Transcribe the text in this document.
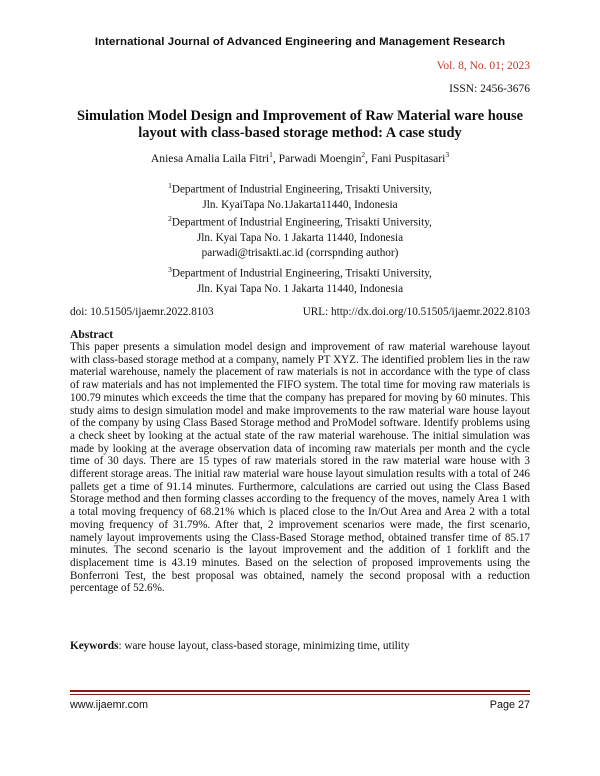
International Journal of Advanced Engineering and Management Research
Vol. 8, No. 01; 2023
ISSN: 2456-3676
Simulation Model Design and Improvement of Raw Material ware house
layout with class-based storage method: A case study
Aniesa Amalia Laila Fitri$^1$, Parwadi Moengin$^2$, Fani Puspitasari$^3$
$^1$Department of Industrial Engineering, Trisakti University,
Jln. KyaiTapa No.1Jakarta11440, Indonesia
$^2$Department of Industrial Engineering, Trisakti University,
Jln. Kyai Tapa No. 1 Jakarta 11440, Indonesia
parwadi@trisakti.ac.id (corrspnding author)
$^3$Department of Industrial Engineering, Trisakti University,
Jln. Kyai Tapa No. 1 Jakarta 11440, Indonesia
doi: 10.51505/ijaemr.2022.8103	URL: http://dx.doi.org/10.51505/ijaemr.2022.8103
Abstract
This paper presents a simulation model design and improvement of raw material warehouse layout with class-based storage method at a company, namely PT XYZ. The identified problem lies in the raw material warehouse, namely the placement of raw materials is not in accordance with the type of class of raw materials and has not implemented the FIFO system. The total time for moving raw materials is 100.79 minutes which exceeds the time that the company has prepared for moving by 60 minutes. This study aims to design simulation model and make improvements to the raw material ware house layout of the company by using Class Based Storage method and ProModel software. Identify problems using a check sheet by looking at the actual state of the raw material warehouse. The initial simulation was made by looking at the average observation data of incoming raw materials per month and the cycle time of 30 days. There are 15 types of raw materials stored in the raw material ware house with 3 different storage areas. The initial raw material ware house layout simulation results with a total of 246 pallets get a time of 91.14 minutes. Furthermore, calculations are carried out using the Class Based Storage method and then forming classes according to the frequency of the moves, namely Area 1 with a total moving frequency of 68.21% which is placed close to the In/Out Area and Area 2 with a total moving frequency of 31.79%. After that, 2 improvement scenarios were made, the first scenario, namely layout improvements using the Class-Based Storage method, obtained transfer time of 85.17 minutes. The second scenario is the layout improvement and the addition of 1 forklift and the displacement time is 43.19 minutes. Based on the selection of proposed improvements using the Bonferroni Test, the best proposal was obtained, namely the second proposal with a reduction percentage of 52.6%.
Keywords: ware house layout, class-based storage, minimizing time, utility
www.ijaemr.com	Page 27
